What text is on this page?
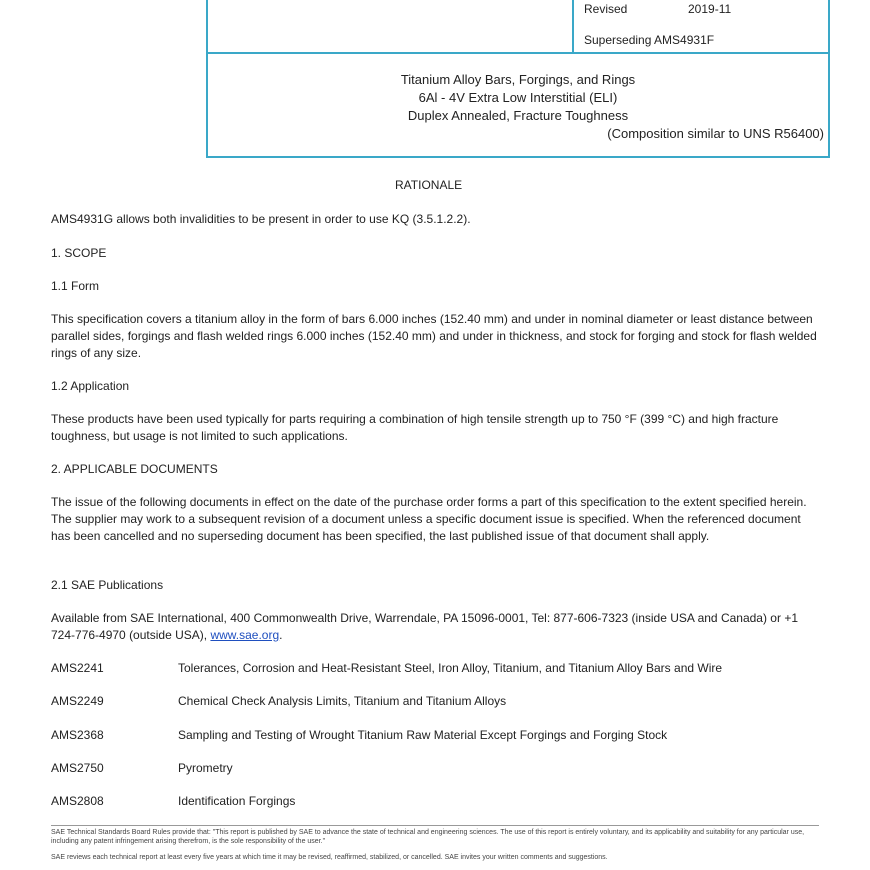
Revised	2019-11
Superseding AMS4931F
Titanium Alloy Bars, Forgings, and Rings
6Al - 4V Extra Low Interstitial (ELI)
Duplex Annealed, Fracture Toughness
(Composition similar to UNS R56400)
RATIONALE
AMS4931G allows both invalidities to be present in order to use KQ (3.5.1.2.2).
1. SCOPE
1.1 Form
This specification covers a titanium alloy in the form of bars 6.000 inches (152.40 mm) and under in nominal diameter or least distance between parallel sides, forgings and flash welded rings 6.000 inches (152.40 mm) and under in thickness, and stock for forging and stock for flash welded rings of any size.
1.2 Application
These products have been used typically for parts requiring a combination of high tensile strength up to 750 °F (399 °C) and high fracture toughness, but usage is not limited to such applications.
2. APPLICABLE DOCUMENTS
The issue of the following documents in effect on the date of the purchase order forms a part of this specification to the extent specified herein. The supplier may work to a subsequent revision of a document unless a specific document issue is specified. When the referenced document has been cancelled and no superseding document has been specified, the last published issue of that document shall apply.
2.1 SAE Publications
Available from SAE International, 400 Commonwealth Drive, Warrendale, PA 15096-0001, Tel: 877-606-7323 (inside USA and Canada) or +1 724-776-4970 (outside USA), www.sae.org.
AMS2241	Tolerances, Corrosion and Heat-Resistant Steel, Iron Alloy, Titanium, and Titanium Alloy Bars and Wire
AMS2249	Chemical Check Analysis Limits, Titanium and Titanium Alloys
AMS2368	Sampling and Testing of Wrought Titanium Raw Material Except Forgings and Forging Stock
AMS2750	Pyrometry
AMS2808	Identification Forgings
SAE Technical Standards Board Rules provide that: "This report is published by SAE to advance the state of technical and engineering sciences. The use of this report is entirely voluntary, and its applicability and suitability for any particular use, including any patent infringement arising therefrom, is the sole responsibility of the user."
SAE reviews each technical report at least every five years at which time it may be revised, reaffirmed, stabilized, or cancelled. SAE invites your written comments and suggestions.
